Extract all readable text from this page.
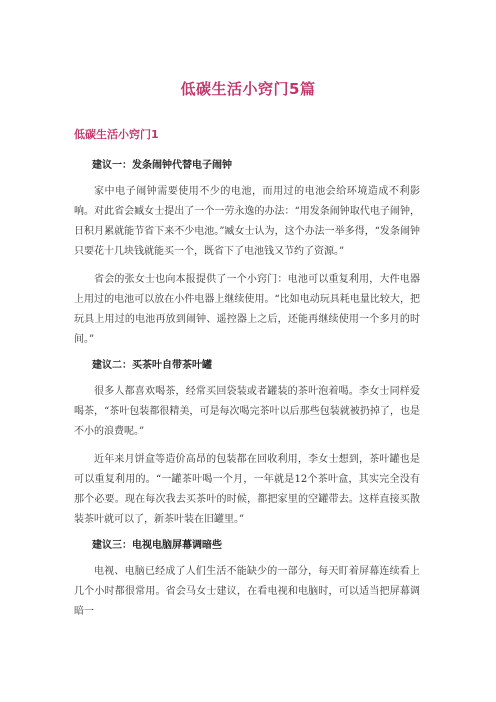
低碳生活小窍门5篇
低碳生活小窍门1
建议一：发条闹钟代替电子闹钟

家中电子闹钟需要使用不少的电池，而用过的电池会给环境造成不利影响。对此省会臧女士提出了一个一劳永逸的办法：“用发条闹钟取代电子闹钟，日积月累就能节省下来不少电池。”臧女士认为，这个办法一举多得，“发条闹钟只要花十几块钱就能买一个，既省下了电池钱又节约了资源。”

省会的张女士也向本报提供了一个小窍门：电池可以重复利用，大件电器上用过的电池可以放在小件电器上继续使用。“比如电动玩具耗电量比较大，把玩具上用过的电池再放到闹钟、遥控器上之后，还能再继续使用一个多月的时间。”

建议二：买茶叶自带茶叶罐

很多人都喜欢喝茶，经常买回袋装或者罐装的茶叶泡着喝。李女士同样爱喝茶，“茶叶包装都很精美，可是每次喝完茶叶以后那些包装就被扔掉了，也是不小的浪费呢。”

近年来月饼盒等造价高昂的包装都在回收利用，李女士想到，茶叶罐也是可以重复利用的。“一罐茶叶喝一个月，一年就是12个茶叶盒，其实完全没有那个必要。现在每次我去买茶叶的时候，都把家里的空罐带去。这样直接买散装茶叶就可以了，新茶叶装在旧罐里。”

建议三：电视电脑屏幕调暗些

电视、电脑已经成了人们生活不能缺少的一部分，每天盯着屏幕连续看上几个小时都很常用。省会马女士建议，在看电视和电脑时，可以适当把屏幕调暗一
